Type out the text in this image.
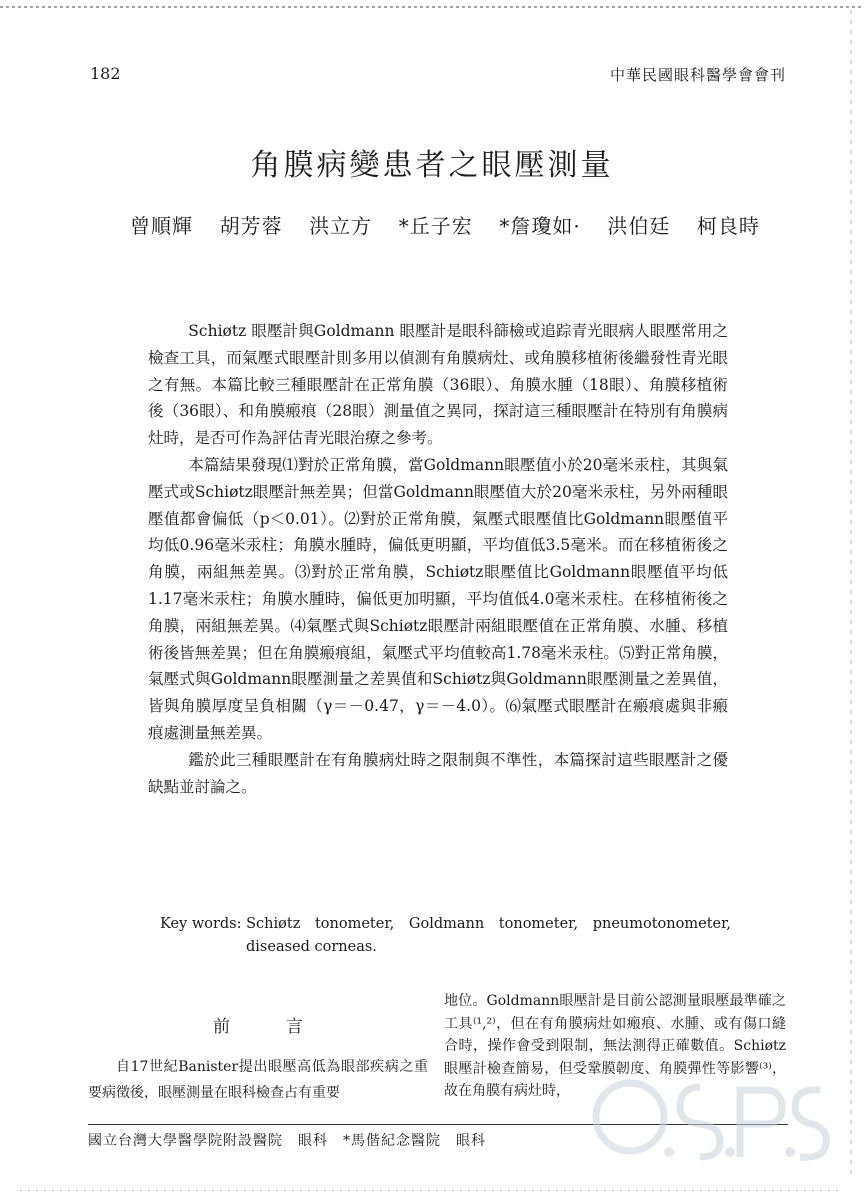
182	中華民國眼科醫學會會刊
角膜病變患者之眼壓測量
曾順輝 胡芳蓉 洪立方 *丘子宏 *詹瓊如· 洪伯廷 柯良時

Schiøtz 眼壓計與Goldmann 眼壓計是眼科篩檢或追踪青光眼病人眼壓常用之檢查工具，而氣壓式眼壓計則多用以偵測有角膜病灶、或角膜移植術後繼發性青光眼之有無。本篇比較三種眼壓計在正常角膜（36眼）、角膜水腫（18眼）、角膜移植術後（36眼）、和角膜瘢痕（28眼）測量值之異同，探討這三種眼壓計在特別有角膜病灶時，是否可作為評估青光眼治療之參考。

本篇結果發現⑴對於正常角膜，當Goldmann眼壓值小於20毫米汞柱，其與氣壓式或Schiøtz眼壓計無差異；但當Goldmann眼壓值大於20毫米汞柱，另外兩種眼壓值都會偏低（p＜0.01）。⑵對於正常角膜，氣壓式眼壓值比Goldmann眼壓值平均低0.96毫米汞柱；角膜水腫時，偏低更明顯，平均值低3.5毫米。而在移植術後之角膜，兩組無差異。⑶對於正常角膜，Schiøtz眼壓值比Goldmann眼壓值平均低1.17毫米汞柱；角膜水腫時，偏低更加明顯，平均值低4.0毫米汞柱。在移植術後之角膜，兩組無差異。⑷氣壓式與Schiøtz眼壓計兩組眼壓值在正常角膜、水腫、移植術後皆無差異；但在角膜瘢痕組，氣壓式平均值較高1.78毫米汞柱。⑸對正常角膜，氣壓式與Goldmann眼壓測量之差異值和Schiøtz與Goldmann眼壓測量之差異值，皆與角膜厚度呈負相關（γ＝－0.47，γ＝－4.0）。⑹氣壓式眼壓計在瘢痕處與非瘢痕處測量無差異。

鑑於此三種眼壓計在有角膜病灶時之限制與不準性，本篇探討這些眼壓計之優缺點並討論之。

Key words: Schiøtz tonometer, Goldmann tonometer, pneumotonometer,
diseased corneas.
前言

自17世紀Banister提出眼壓高低為眼部疾病之重要病徵後，眼壓測量在眼科檢查占有重要

地位。Goldmann眼壓計是目前公認測量眼壓最準確之工具⁽¹,²⁾，但在有角膜病灶如瘢痕、水腫、或有傷口縫合時，操作會受到限制，無法測得正確數值。Schiøtz 眼壓計檢查簡易，但受鞏膜韌度、角膜彈性等影響⁽³⁾，故在角膜有病灶時，

國立台灣大學醫學院附設醫院　眼科　*馬偕紀念醫院　眼科
